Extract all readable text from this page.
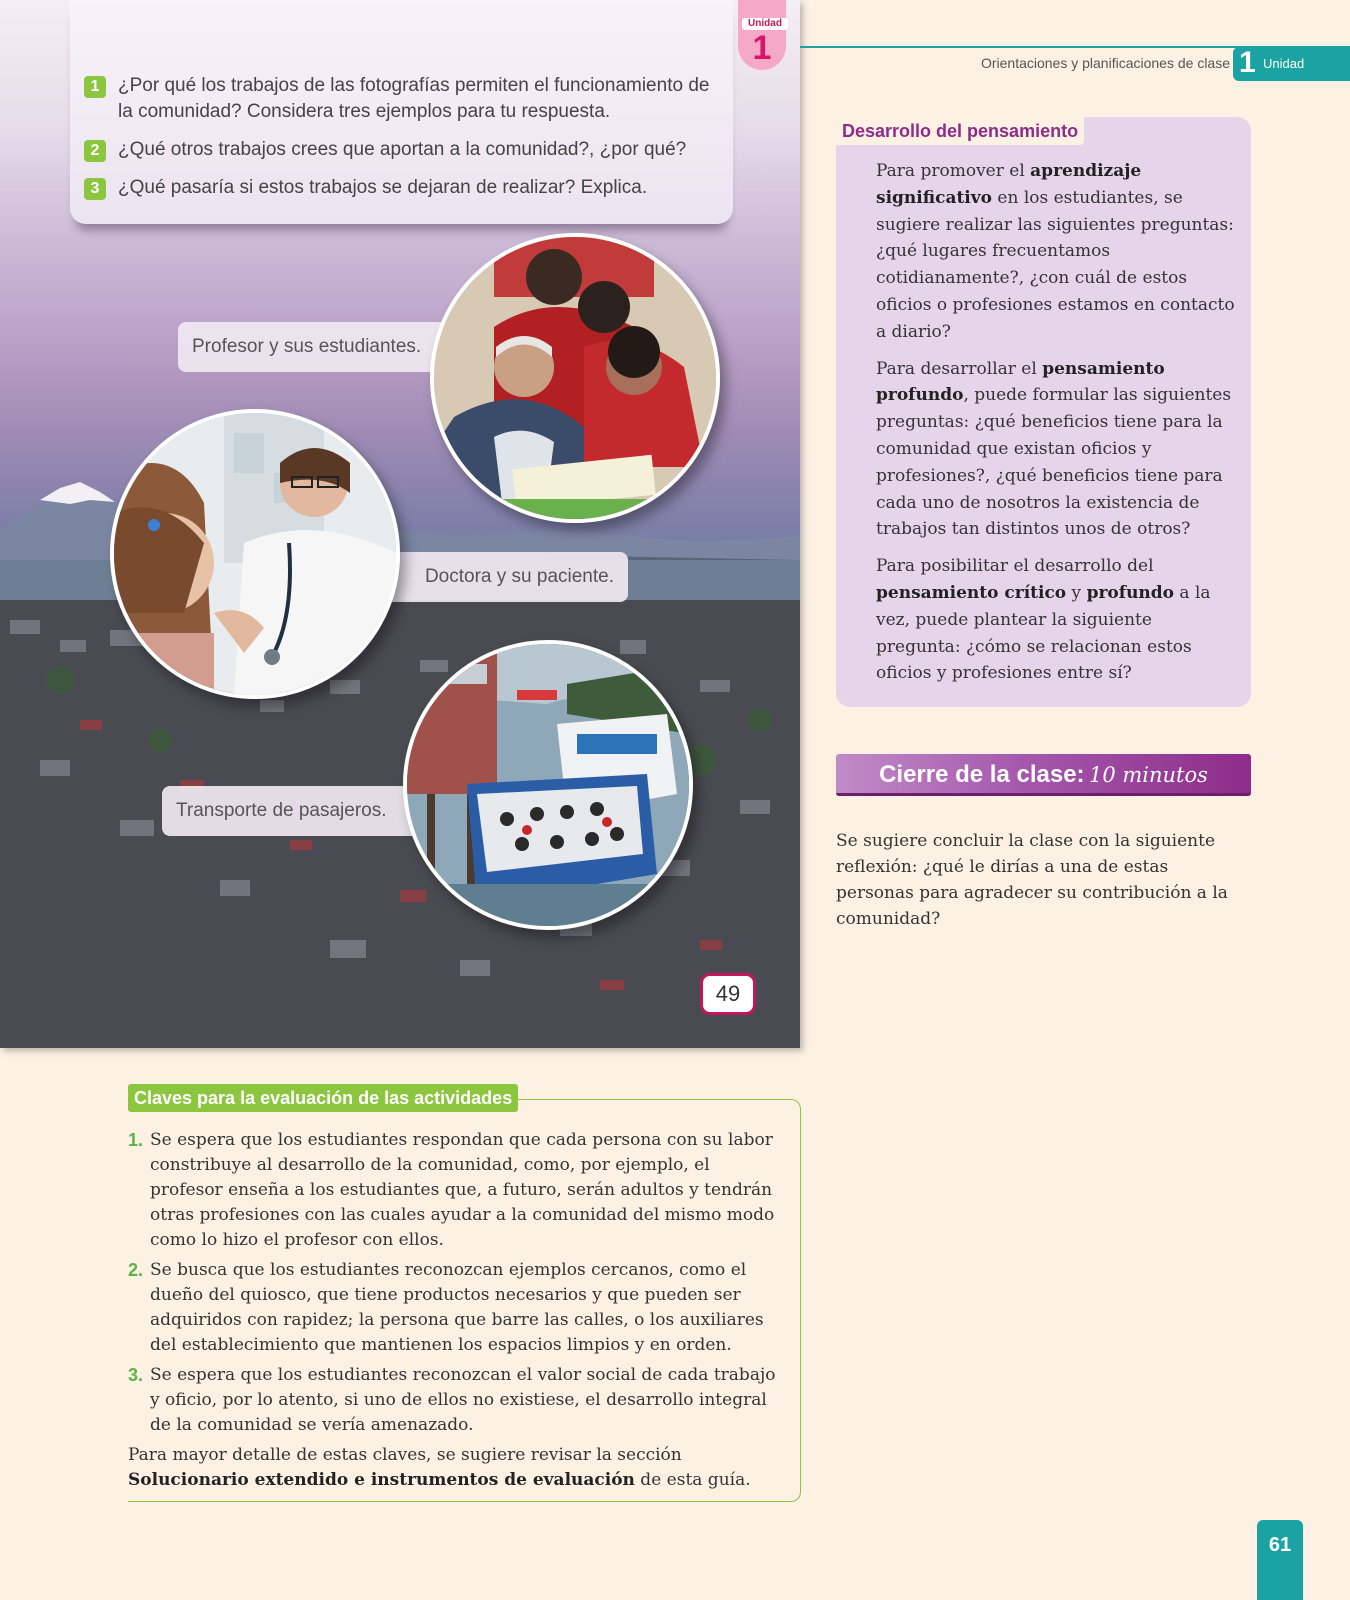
1 ¿Por qué los trabajos de las fotografías permiten el funcionamiento de la comunidad? Considera tres ejemplos para tu respuesta.
2 ¿Qué otros trabajos crees que aportan a la comunidad?, ¿por qué?
3 ¿Qué pasaría si estos trabajos se dejaran de realizar? Explica.
Unidad
1
Profesor y sus estudiantes.
Doctora y su paciente.
Transporte de pasajeros.
49
Orientaciones y planificaciones de clase 1 Unidad
Desarrollo del pensamiento

Para promover el aprendizaje significativo en los estudiantes, se sugiere realizar las siguientes preguntas: ¿qué lugares frecuentamos cotidianamente?, ¿con cuál de estos oficios o profesiones estamos en contacto a diario?

Para desarrollar el pensamiento profundo, puede formular las siguientes preguntas: ¿qué beneficios tiene para la comunidad que existan oficios y profesiones?, ¿qué beneficios tiene para cada uno de nosotros la existencia de trabajos tan distintos unos de otros?

Para posibilitar el desarrollo del pensamiento crítico y profundo a la vez, puede plantear la siguiente pregunta: ¿cómo se relacionan estos oficios y profesiones entre sí?

Cierre de la clase: 10 minutos
Se sugiere concluir la clase con la siguiente reflexión: ¿qué le dirías a una de estas personas para agradecer su contribución a la comunidad?
Claves para la evaluación de las actividades
1. Se espera que los estudiantes respondan que cada persona con su labor constribuye al desarrollo de la comunidad, como, por ejemplo, el profesor enseña a los estudiantes que, a futuro, serán adultos y tendrán otras profesiones con las cuales ayudar a la comunidad del mismo modo como lo hizo el profesor con ellos.
2. Se busca que los estudiantes reconozcan ejemplos cercanos, como el dueño del quiosco, que tiene productos necesarios y que pueden ser adquiridos con rapidez; la persona que barre las calles, o los auxiliares del establecimiento que mantienen los espacios limpios y en orden.
3. Se espera que los estudiantes reconozcan el valor social de cada trabajo y oficio, por lo atento, si uno de ellos no existiese, el desarrollo integral de la comunidad se vería amenazado.

Para mayor detalle de estas claves, se sugiere revisar la sección Solucionario extendido e instrumentos de evaluación de esta guía.

61
